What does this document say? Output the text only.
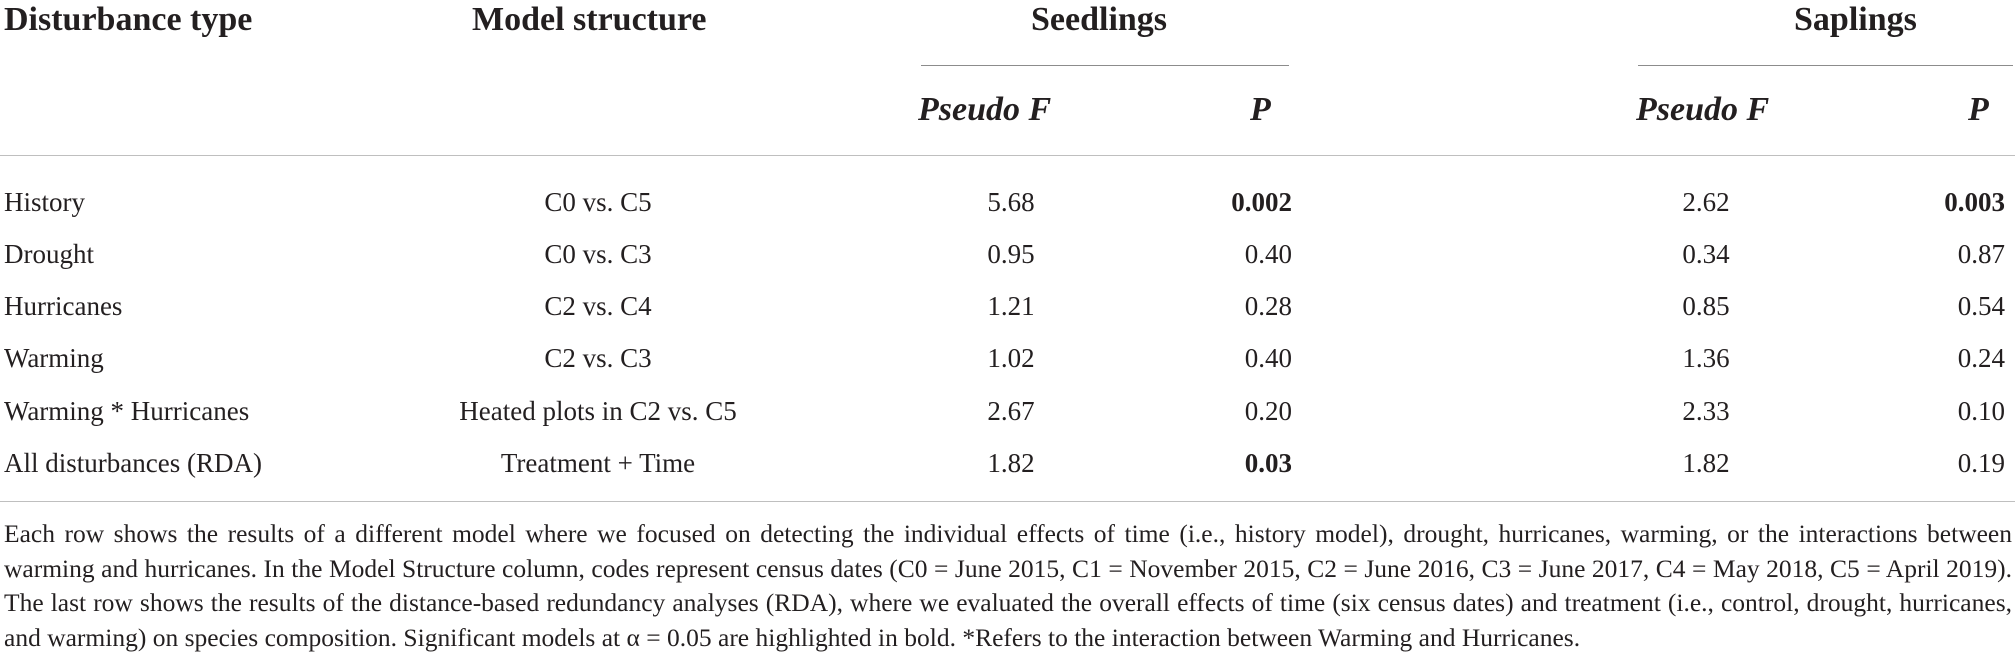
Disturbance type	Model structure	Seedlings	Saplings
Pseudo F	P	Pseudo F	P
History	C0 vs. C5	5.68	0.002	2.62	0.003
Drought	C0 vs. C3	0.95	0.40	0.34	0.87
Hurricanes	C2 vs. C4	1.21	0.28	0.85	0.54
Warming	C2 vs. C3	1.02	0.40	1.36	0.24
Warming * Hurricanes	Heated plots in C2 vs. C5	2.67	0.20	2.33	0.10
All disturbances (RDA)	Treatment + Time	1.82	0.03	1.82	0.19
Each row shows the results of a different model where we focused on detecting the individual effects of time (i.e., history model), drought, hurricanes, warming, or the interactions between warming and hurricanes. In the Model Structure column, codes represent census dates (C0 = June 2015, C1 = November 2015, C2 = June 2016, C3 = June 2017, C4 = May 2018, C5 = April 2019). The last row shows the results of the distance-based redundancy analyses (RDA), where we evaluated the overall effects of time (six census dates) and treatment (i.e., control, drought, hurricanes, and warming) on species composition. Significant models at α = 0.05 are highlighted in bold. *Refers to the interaction between Warming and Hurricanes.
